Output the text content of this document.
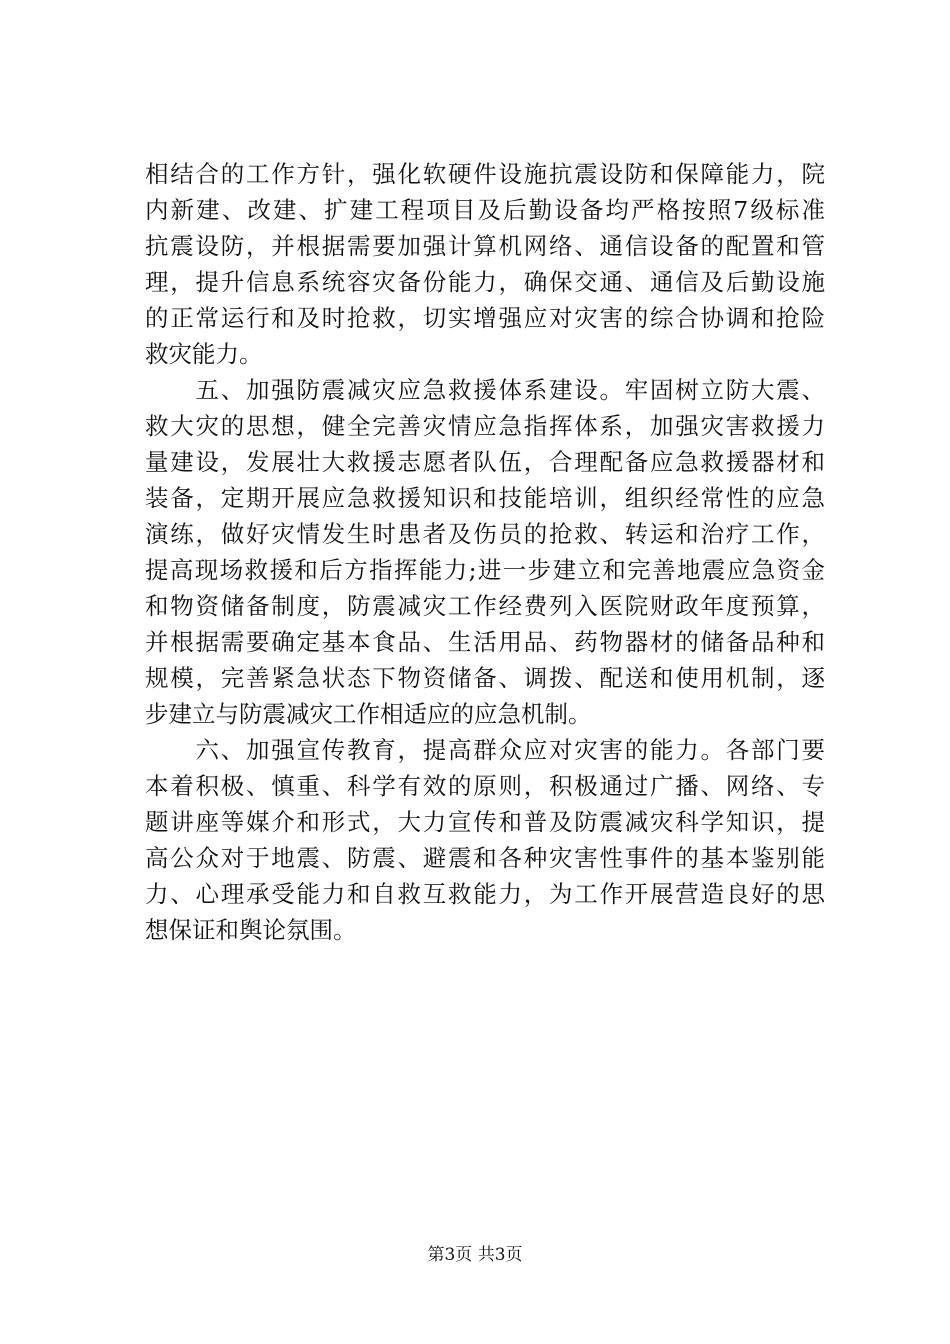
相结合的工作方针，强化软硬件设施抗震设防和保障能力，院
内新建、改建、扩建工程项目及后勤设备均严格按照7级标准
抗震设防，并根据需要加强计算机网络、通信设备的配置和管
理，提升信息系统容灾备份能力，确保交通、通信及后勤设施
的正常运行和及时抢救，切实增强应对灾害的综合协调和抢险
救灾能力。
　　五、加强防震减灾应急救援体系建设。牢固树立防大震、
救大灾的思想，健全完善灾情应急指挥体系，加强灾害救援力
量建设，发展壮大救援志愿者队伍，合理配备应急救援器材和
装备，定期开展应急救援知识和技能培训，组织经常性的应急
演练，做好灾情发生时患者及伤员的抢救、转运和治疗工作，
提高现场救援和后方指挥能力;进一步建立和完善地震应急资金
和物资储备制度，防震减灾工作经费列入医院财政年度预算，
并根据需要确定基本食品、生活用品、药物器材的储备品种和
规模，完善紧急状态下物资储备、调拨、配送和使用机制，逐
步建立与防震减灾工作相适应的应急机制。
　　六、加强宣传教育，提高群众应对灾害的能力。各部门要
本着积极、慎重、科学有效的原则，积极通过广播、网络、专
题讲座等媒介和形式，大力宣传和普及防震减灾科学知识，提
高公众对于地震、防震、避震和各种灾害性事件的基本鉴别能
力、心理承受能力和自救互救能力，为工作开展营造良好的思
想保证和舆论氛围。
第3页 共3页
